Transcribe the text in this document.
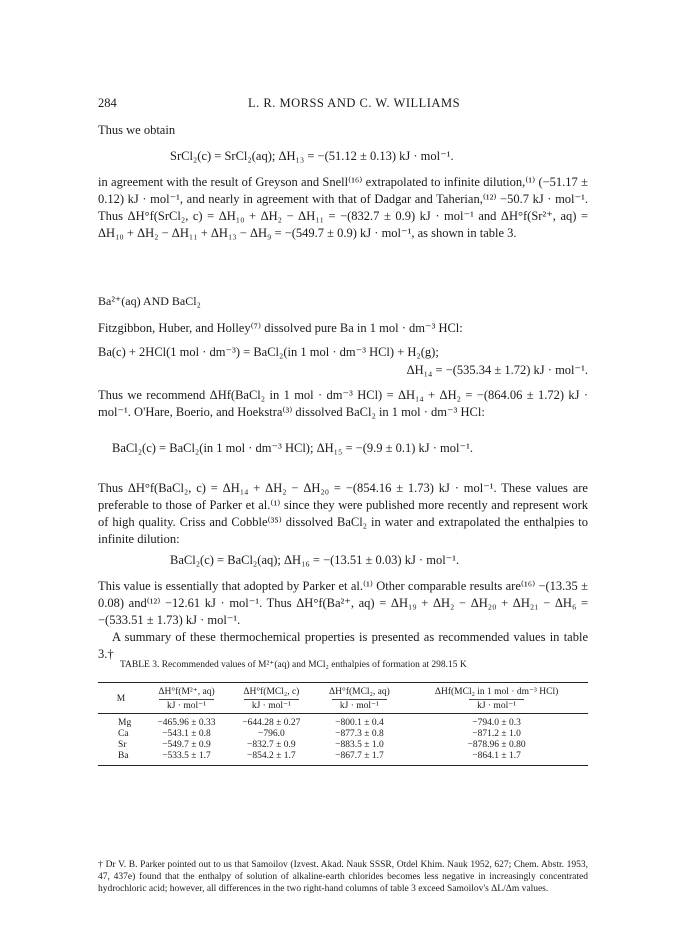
284	L. R. MORSS AND C. W. WILLIAMS
Thus we obtain
SrCl₂(c) = SrCl₂(aq); ΔH₁₃ = −(51.12 ± 0.13) kJ · mol⁻¹.
in agreement with the result of Greyson and Snell⁽¹⁶⁾ extrapolated to infinite dilution,⁽¹⁾ (−51.17 ± 0.12) kJ · mol⁻¹, and nearly in agreement with that of Dadgar and Taherian,⁽¹²⁾ −50.7 kJ · mol⁻¹. Thus ΔH°f(SrCl₂, c) = ΔH₁₀ + ΔH₂ − ΔH₁₁ = −(832.7 ± 0.9) kJ · mol⁻¹ and ΔH°f(Sr²⁺, aq) = ΔH₁₀ + ΔH₂ − ΔH₁₁ + ΔH₁₃ − ΔH₉ = −(549.7 ± 0.9) kJ · mol⁻¹, as shown in table 3.
Ba²⁺(aq) AND BaCl₂
Fitzgibbon, Huber, and Holley⁽⁷⁾ dissolved pure Ba in 1 mol · dm⁻³ HCl:
Ba(c) + 2HCl(1 mol · dm⁻³) = BaCl₂(in 1 mol · dm⁻³ HCl) + H₂(g);
ΔH₁₄ = −(535.34 ± 1.72) kJ · mol⁻¹.
Thus we recommend ΔHf(BaCl₂ in 1 mol · dm⁻³ HCl) = ΔH₁₄ + ΔH₂ = −(864.06 ± 1.72) kJ · mol⁻¹. O'Hare, Boerio, and Hoekstra⁽³⁾ dissolved BaCl₂ in 1 mol · dm⁻³ HCl:
BaCl₂(c) = BaCl₂(in 1 mol · dm⁻³ HCl); ΔH₁₅ = −(9.9 ± 0.1) kJ · mol⁻¹.
Thus ΔH°f(BaCl₂, c) = ΔH₁₄ + ΔH₂ − ΔH₂₀ = −(854.16 ± 1.73) kJ · mol⁻¹. These values are preferable to those of Parker et al.⁽¹⁾ since they were published more recently and represent work of high quality. Criss and Cobble⁽³⁵⁾ dissolved BaCl₂ in water and extrapolated the enthalpies to infinite dilution:
BaCl₂(c) = BaCl₂(aq); ΔH₁₆ = −(13.51 ± 0.03) kJ · mol⁻¹.
This value is essentially that adopted by Parker et al.⁽¹⁾ Other comparable results are⁽¹⁶⁾ −(13.35 ± 0.08) and⁽¹²⁾ −12.61 kJ · mol⁻¹. Thus ΔH°f(Ba²⁺, aq) = ΔH₁₉ + ΔH₂ − ΔH₂₀ + ΔH₂₁ − ΔH₆ = −(533.51 ± 1.73) kJ · mol⁻¹.
A summary of these thermochemical properties is presented as recommended values in table 3.†
TABLE 3. Recommended values of M²⁺(aq) and MCl₂ enthalpies of formation at 298.15 K
M	ΔH°f(M²⁺, aq)	ΔH°f(MCl₂, c)	ΔH°f(MCl₂, aq)	ΔHf(MCl₂ in 1 mol · dm⁻³ HCl)
	kJ · mol⁻¹	kJ · mol⁻¹	kJ · mol⁻¹	kJ · mol⁻¹
Mg	−465.96 ± 0.33	−644.28 ± 0.27	−800.1 ± 0.4	−794.0 ± 0.3
Ca	−543.1 ± 0.8	−796.0	−877.3 ± 0.8	−871.2 ± 1.0
Sr	−549.7 ± 0.9	−832.7 ± 0.9	−883.5 ± 1.0	−878.96 ± 0.80
Ba	−533.5 ± 1.7	−854.2 ± 1.7	−867.7 ± 1.7	−864.1 ± 1.7
† Dr V. B. Parker pointed out to us that Samoilov (Izvest. Akad. Nauk SSSR, Otdel Khim. Nauk 1952, 627; Chem. Abstr. 1953, 47, 437e) found that the enthalpy of solution of alkaline-earth chlorides becomes less negative in increasingly concentrated hydrochloric acid; however, all differences in the two right-hand columns of table 3 exceed Samoilov's ΔL/Δm values.
